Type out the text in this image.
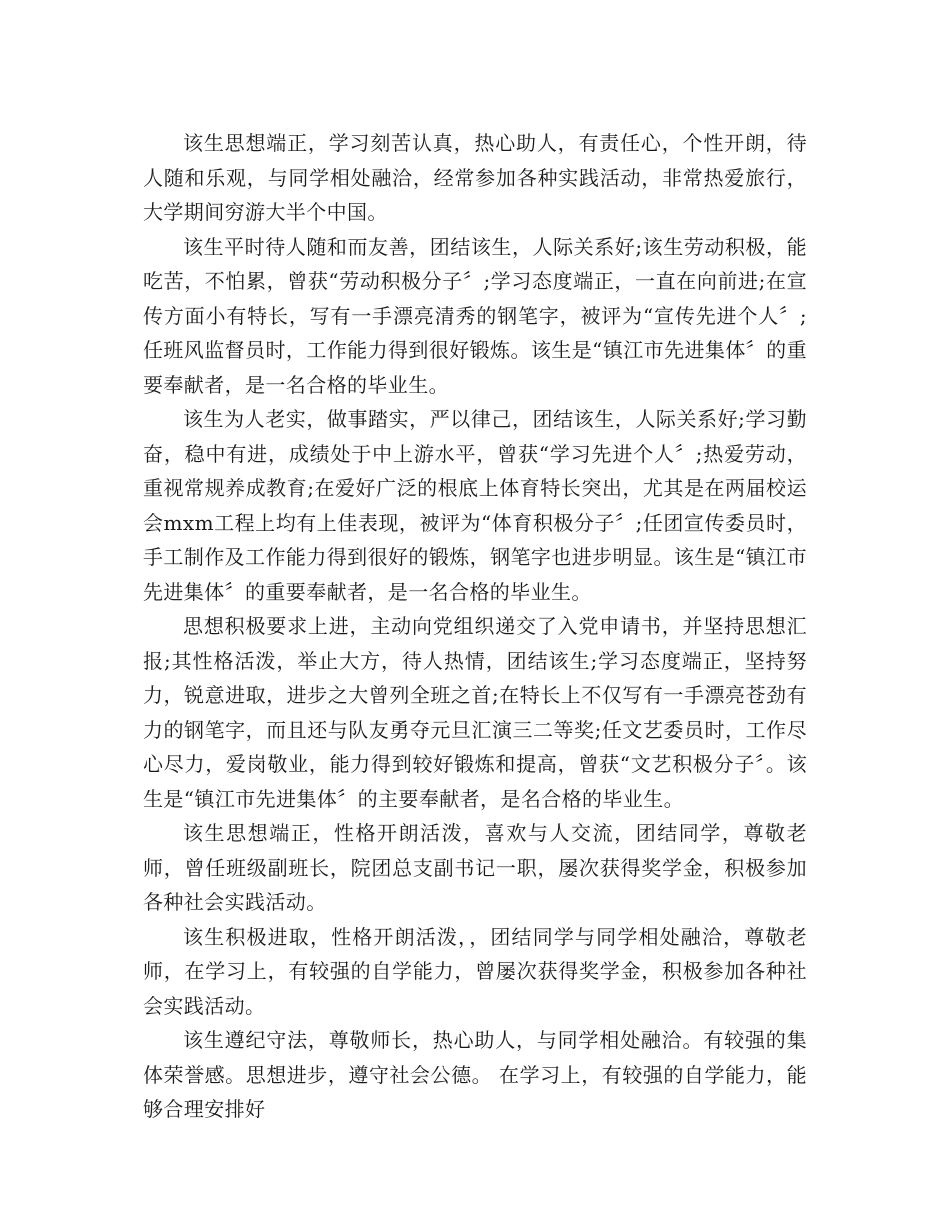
该生思想端正，学习刻苦认真，热心助人，有责任心，个性开朗，待人随和乐观，与同学相处融洽，经常参加各种实践活动，非常热爱旅行，大学期间穷游大半个中国。

该生平时待人随和而友善，团结该生，人际关系好;该生劳动积极，能吃苦，不怕累，曾获“劳动积极分子〞;学习态度端正，一直在向前进;在宣传方面小有特长，写有一手漂亮清秀的钢笔字，被评为“宣传先进个人〞;任班风监督员时，工作能力得到很好锻炼。该生是“镇江市先进集体〞的重要奉献者，是一名合格的毕业生。

该生为人老实，做事踏实，严以律己，团结该生，人际关系好;学习勤奋，稳中有进，成绩处于中上游水平，曾获“学习先进个人〞;热爱劳动，重视常规养成教育;在爱好广泛的根底上体育特长突出，尤其是在两届校运会mxm工程上均有上佳表现，被评为“体育积极分子〞;任团宣传委员时，手工制作及工作能力得到很好的锻炼，钢笔字也进步明显。该生是“镇江市先进集体〞的重要奉献者，是一名合格的毕业生。

思想积极要求上进，主动向党组织递交了入党申请书，并坚持思想汇报;其性格活泼，举止大方，待人热情，团结该生;学习态度端正，坚持努力，锐意进取，进步之大曾列全班之首;在特长上不仅写有一手漂亮苍劲有力的钢笔字，而且还与队友勇夺元旦汇演三二等奖;任文艺委员时，工作尽心尽力，爱岗敬业，能力得到较好锻炼和提高，曾获“文艺积极分子〞。该生是“镇江市先进集体〞的主要奉献者，是名合格的毕业生。

该生思想端正，性格开朗活泼，喜欢与人交流，团结同学，尊敬老师，曾任班级副班长，院团总支副书记一职，屡次获得奖学金，积极参加各种社会实践活动。

该生积极进取，性格开朗活泼，，团结同学与同学相处融洽，尊敬老师，在学习上，有较强的自学能力，曾屡次获得奖学金，积极参加各种社会实践活动。

该生遵纪守法，尊敬师长，热心助人，与同学相处融洽。有较强的集体荣誉感。思想进步，遵守社会公德。 在学习上，有较强的自学能力，能够合理安排好
